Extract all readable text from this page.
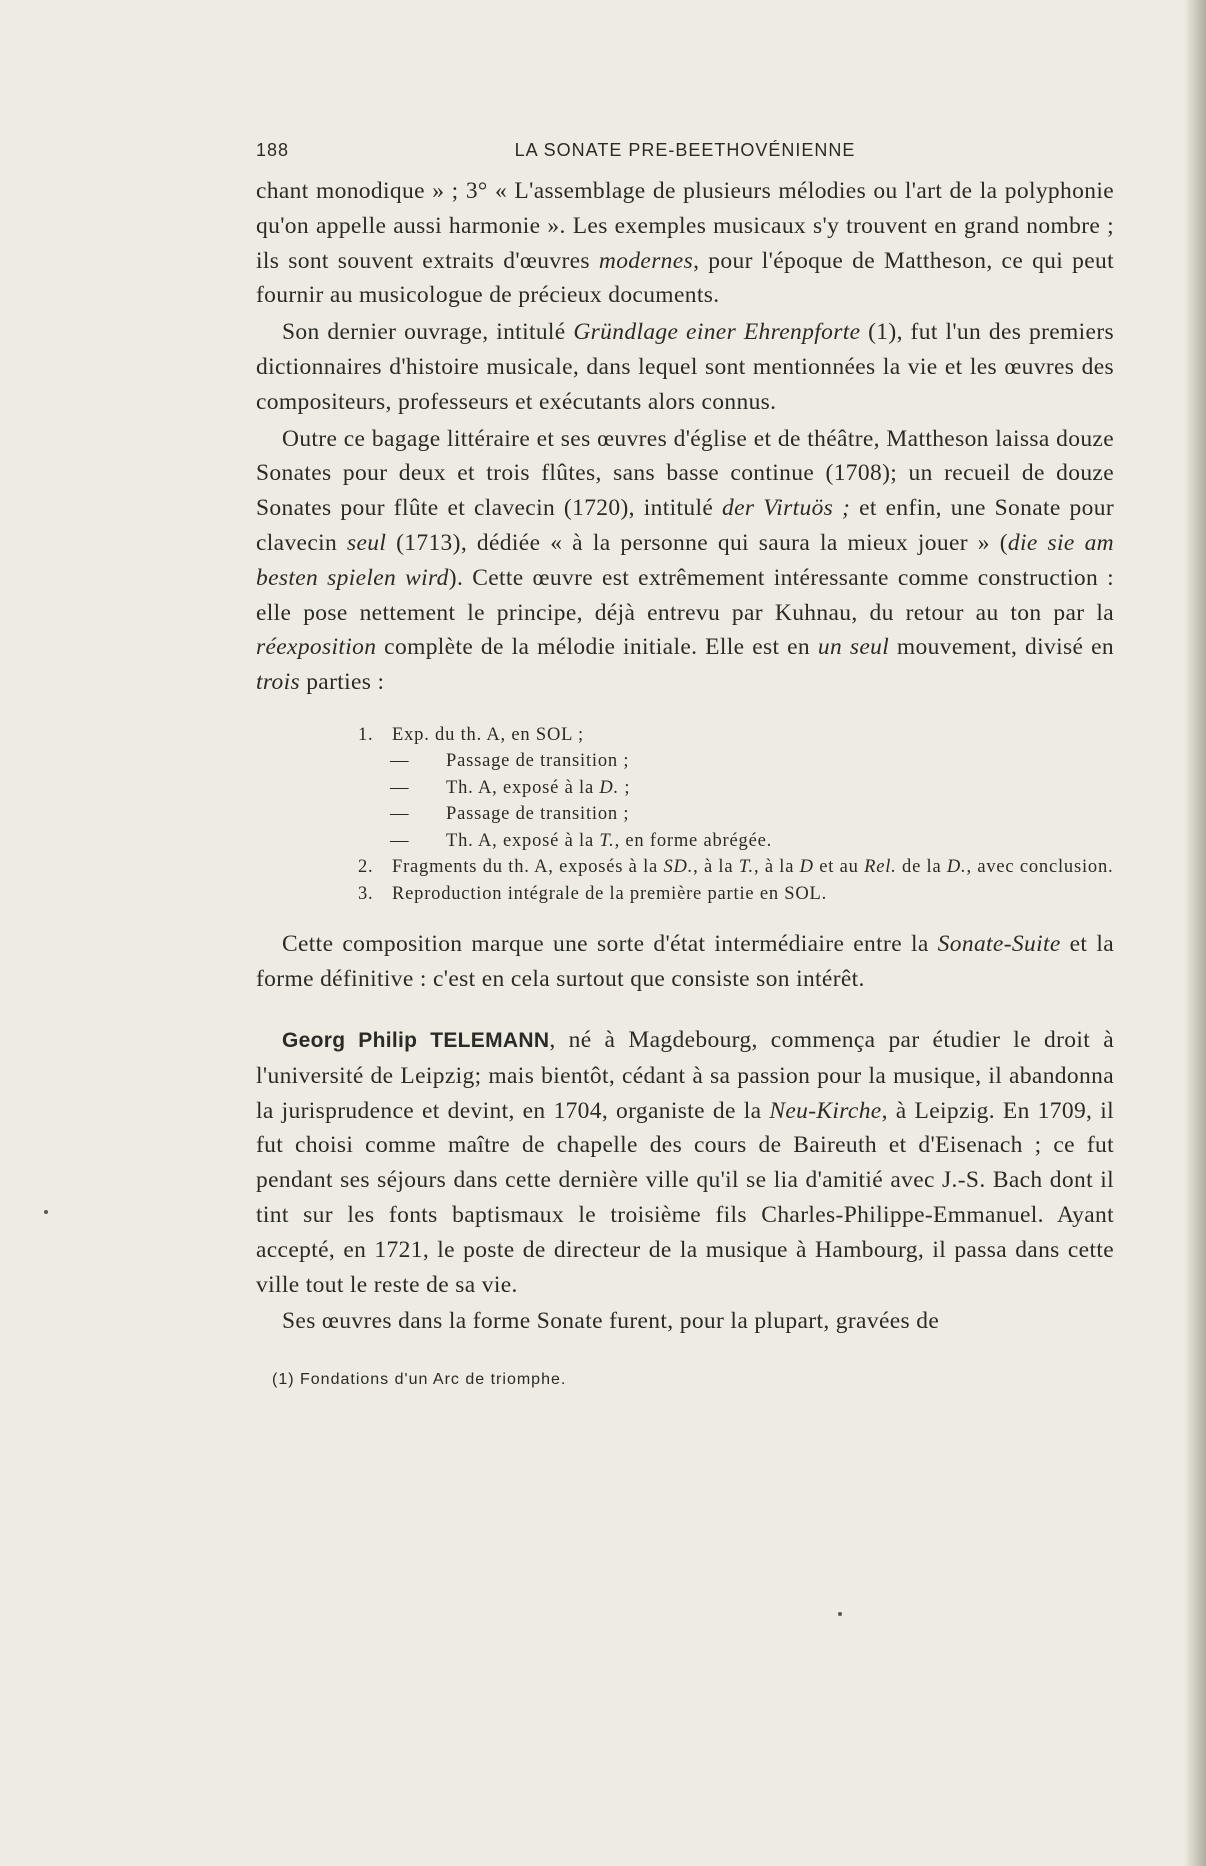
188	LA SONATE PRE-BEETHOVÉNIENNE

chant monodique » ; 3° « L'assemblage de plusieurs mélodies ou l'art de la polyphonie qu'on appelle aussi harmonie ». Les exemples musicaux s'y trouvent en grand nombre ; ils sont souvent extraits d'œuvres modernes, pour l'époque de Mattheson, ce qui peut fournir au musicologue de précieux documents.

Son dernier ouvrage, intitulé Gründlage einer Ehrenpforte (1), fut l'un des premiers dictionnaires d'histoire musicale, dans lequel sont mentionnées la vie et les œuvres des compositeurs, professeurs et exécutants alors connus.

Outre ce bagage littéraire et ses œuvres d'église et de théâtre, Mattheson laissa douze Sonates pour deux et trois flûtes, sans basse continue (1708); un recueil de douze Sonates pour flûte et clavecin (1720), intitulé der Virtuös ; et enfin, une Sonate pour clavecin seul (1713), dédiée « à la personne qui saura la mieux jouer » (die sie am besten spielen wird). Cette œuvre est extrêmement intéressante comme construction : elle pose nettement le principe, déjà entrevu par Kuhnau, du retour au ton par la réexposition complète de la mélodie initiale. Elle est en un seul mouvement, divisé en trois parties :

1.	Exp. du th. A, en SOL ;
—	Passage de transition ;
—	Th. A, exposé à la D. ;
—	Passage de transition ;
—	Th. A, exposé à la T., en forme abrégée.
2.	Fragments du th. A, exposés à la SD., à la T., à la D et au Rel. de la D., avec conclusion.
3.	Reproduction intégrale de la première partie en SOL.

Cette composition marque une sorte d'état intermédiaire entre la Sonate-Suite et la forme définitive : c'est en cela surtout que consiste son intérêt.

Georg Philip TELEMANN, né à Magdebourg, commença par étudier le droit à l'université de Leipzig; mais bientôt, cédant à sa passion pour la musique, il abandonna la jurisprudence et devint, en 1704, organiste de la Neu-Kirche, à Leipzig. En 1709, il fut choisi comme maître de chapelle des cours de Baireuth et d'Eisenach ; ce fut pendant ses séjours dans cette dernière ville qu'il se lia d'amitié avec J.-S. Bach dont il tint sur les fonts baptismaux le troisième fils Charles-Philippe-Emmanuel. Ayant accepté, en 1721, le poste de directeur de la musique à Hambourg, il passa dans cette ville tout le reste de sa vie.

Ses œuvres dans la forme Sonate furent, pour la plupart, gravées de

(1) Fondations d'un Arc de triomphe.
